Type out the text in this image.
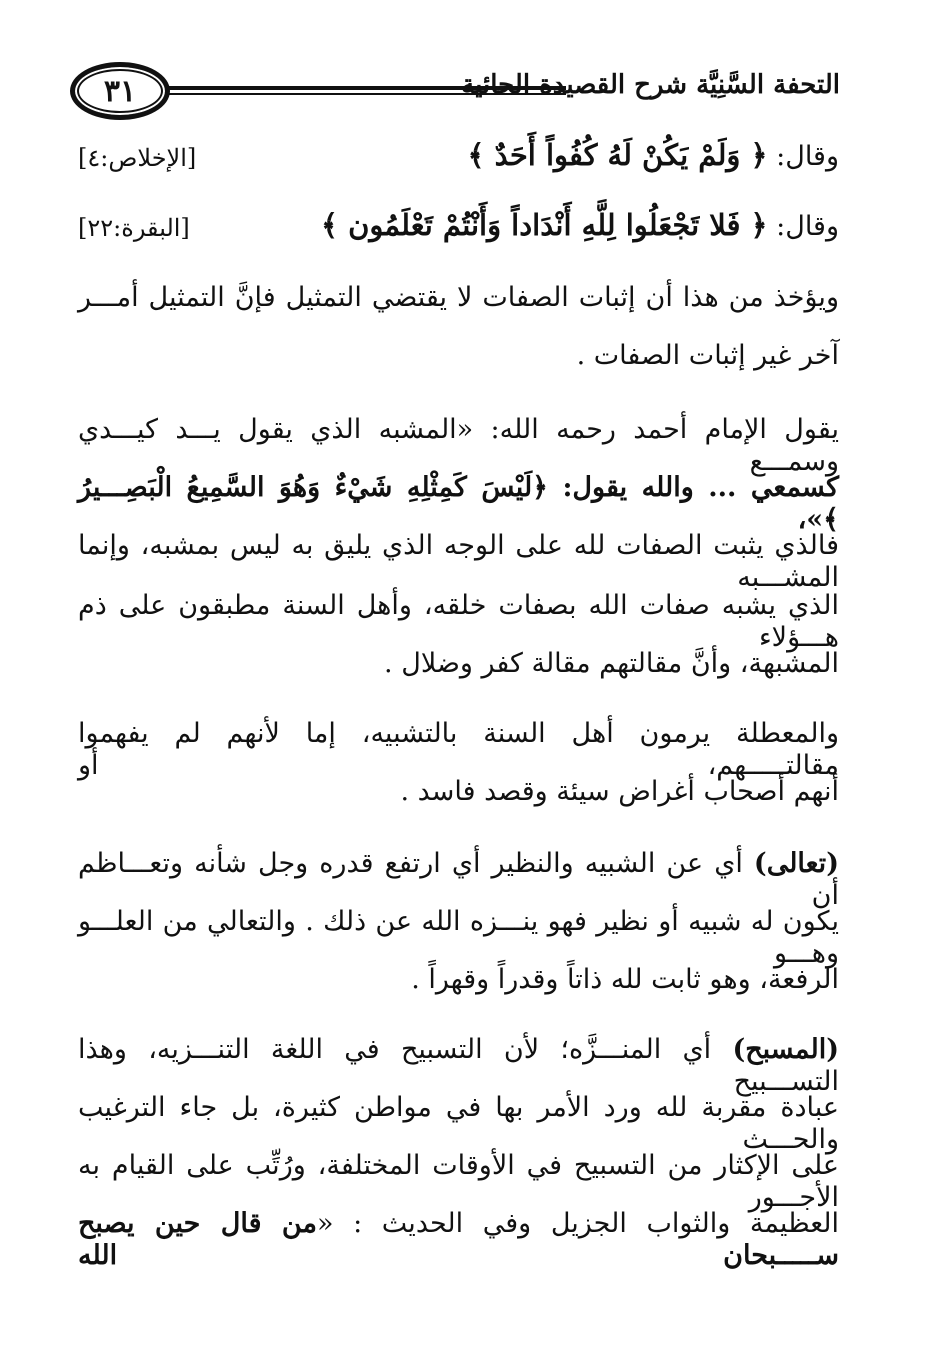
٣١	التحفة السَّنِيَّة شرح القصيدة الحائية
وقال: ﴿ وَلَمْ يَكُنْ لَهُ كُفُواً أَحَدٌ ﴾
[الإخلاص:٤]
وقال: ﴿ فَلا تَجْعَلُوا لِلَّهِ أَنْدَاداً وَأَنْتُمْ تَعْلَمُون ﴾
[البقرة:٢٢]
ويؤخذ من هذا أن إثبات الصفات لا يقتضي التمثيل فإنَّ التمثيل أمـــر
آخر غير إثبات الصفات .
يقول الإمام أحمد رحمه الله: «المشبه الذي يقول يـــد كيـــدي وسمـــع
كسمعي ... والله يقول: ﴿لَيْسَ كَمِثْلِهِ شَيْءٌ وَهُوَ السَّمِيعُ الْبَصِـــيرُ ﴾»،
فالذي يثبت الصفات لله على الوجه الذي يليق به ليس بمشبه، وإنما المشـــبه
الذي يشبه صفات الله بصفات خلقه، وأهل السنة مطبقون على ذم هـــؤلاء
المشبهة، وأنَّ مقالتهم مقالة كفر وضلال .
والمعطلة يرمون أهل السنة بالتشبيه، إما لأنهم لم يفهموا مقالتـــــهم، أو
أنهم أصحاب أغراض سيئة وقصد فاسد .
(تعالى) أي عن الشبيه والنظير أي ارتفع قدره وجل شأنه وتعـــاظم أن
يكون له شبيه أو نظير فهو ينـــزه الله عن ذلك . والتعالي من العلـــو وهـــو
الرفعة، وهو ثابت لله ذاتاً وقدراً وقهراً .
(المسبح) أي المنـــزَّه؛ لأن التسبيح في اللغة التنـــزيه، وهذا التســـبيح
عبادة مقربة لله ورد الأمر بها في مواطن كثيرة، بل جاء الترغيب والحـــث
على الإكثار من التسبيح في الأوقات المختلفة، ورُتِّب على القيام به الأجـــور
العظيمة والثواب الجزيل وفي الحديث : «من قال حين يصبح ســـــبحان الله
